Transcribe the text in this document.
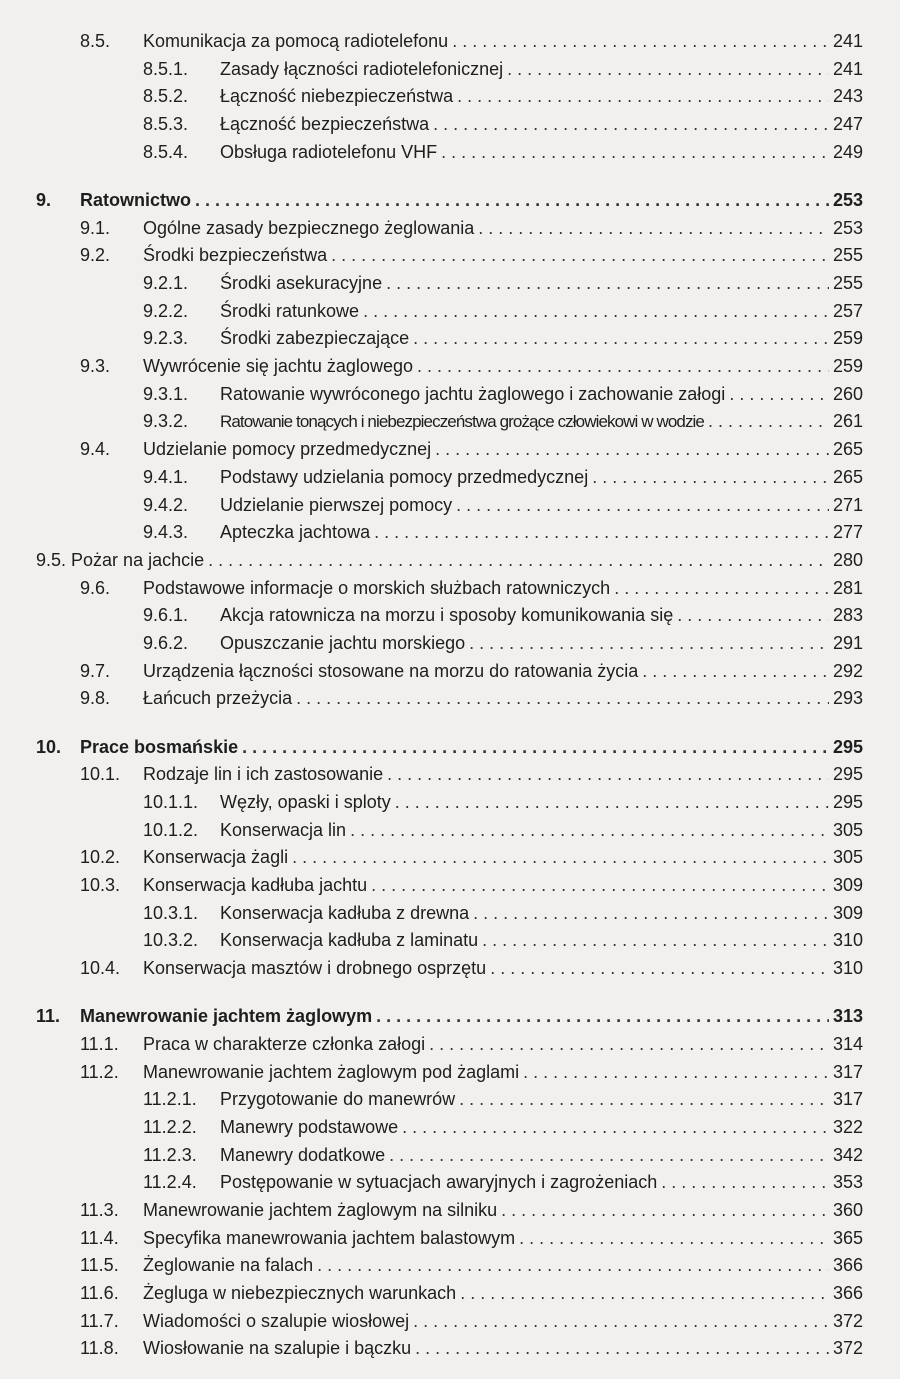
8.5.	Komunikacja za pomocą radiotelefonu . . .	241
8.5.1.	Zasady łączności radiotelefonicznej . . .	241
8.5.2.	Łączność niebezpieczeństwa . . .	243
8.5.3.	Łączność bezpieczeństwa . . .	247
8.5.4.	Obsługa radiotelefonu VHF . . .	249
9.	Ratownictwo . . .	253
9.1.	Ogólne zasady bezpiecznego żeglowania . . .	253
9.2.	Środki bezpieczeństwa . . .	255
9.2.1.	Środki asekuracyjne . . .	255
9.2.2.	Środki ratunkowe . . .	257
9.2.3.	Środki zabezpieczające . . .	259
9.3.	Wywrócenie się jachtu żaglowego . . .	259
9.3.1.	Ratowanie wywróconego jachtu żaglowego i zachowanie załogi . . .	260
9.3.2.	Ratowanie tonących i niebezpieczeństwa grożące człowiekowi w wodzie . . .	261
9.4.	Udzielanie pomocy przedmedycznej . . .	265
9.4.1.	Podstawy udzielania pomocy przedmedycznej . . .	265
9.4.2.	Udzielanie pierwszej pomocy . . .	271
9.4.3.	Apteczka jachtowa . . .	277
9.5. Pożar na jachcie . . .	280
9.6.	Podstawowe informacje o morskich służbach ratowniczych . . .	281
9.6.1.	Akcja ratownicza na morzu i sposoby komunikowania się . . .	283
9.6.2.	Opuszczanie jachtu morskiego . . .	291
9.7.	Urządzenia łączności stosowane na morzu do ratowania życia . . .	292
9.8.	Łańcuch przeżycia . . .	293
10.	Prace bosmańskie . . .	295
10.1.	Rodzaje lin i ich zastosowanie . . .	295
10.1.1.	Węzły, opaski i sploty . . .	295
10.1.2.	Konserwacja lin . . .	305
10.2.	Konserwacja żagli . . .	305
10.3.	Konserwacja kadłuba jachtu . . .	309
10.3.1.	Konserwacja kadłuba z drewna . . .	309
10.3.2.	Konserwacja kadłuba z laminatu . . .	310
10.4.	Konserwacja masztów i drobnego osprzętu . . .	310
11.	Manewrowanie jachtem żaglowym . . .	313
11.1.	Praca w charakterze członka załogi . . .	314
11.2.	Manewrowanie jachtem żaglowym pod żaglami . . .	317
11.2.1.	Przygotowanie do manewrów . . .	317
11.2.2.	Manewry podstawowe . . .	322
11.2.3.	Manewry dodatkowe . . .	342
11.2.4.	Postępowanie w sytuacjach awaryjnych i zagrożeniach . . .	353
11.3.	Manewrowanie jachtem żaglowym na silniku . . .	360
11.4.	Specyfika manewrowania jachtem balastowym . . .	365
11.5.	Żeglowanie na falach . . .	366
11.6.	Żegluga w niebezpiecznych warunkach . . .	366
11.7.	Wiadomości o szalupie wiosłowej . . .	372
11.8.	Wiosłowanie na szalupie i bączku . . .	372
